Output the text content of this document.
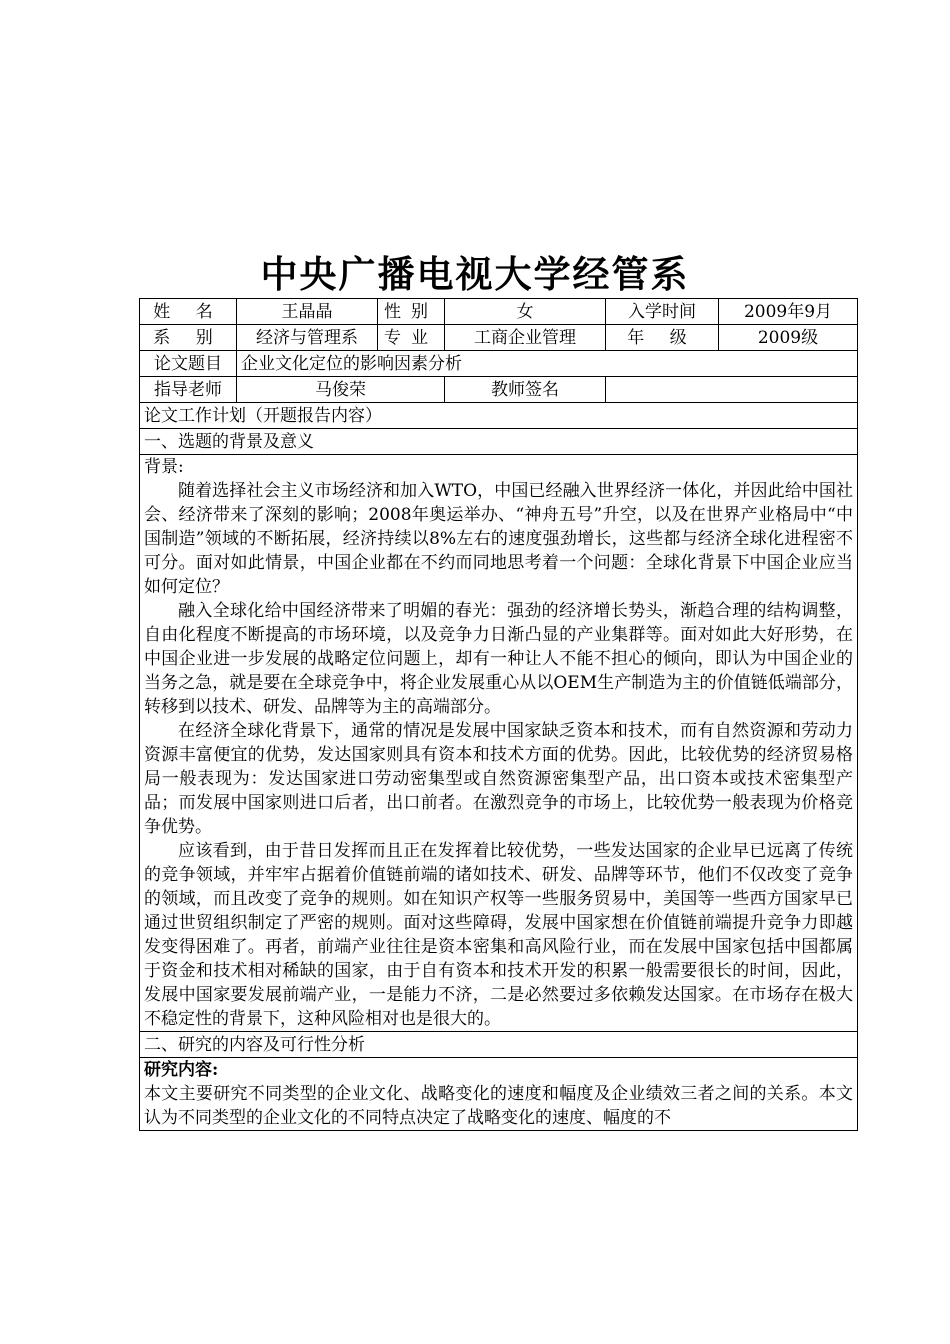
中央广播电视大学经管系
姓 名	王晶晶	性别	女	入学时间	2009年9月
系 别	经济与管理系	专业	工商企业管理	年 级	2009级
论文题目	企业文化定位的影响因素分析				
指导老师	马俊荣		教师签名		
论文工作计划（开题报告内容）					
一、选题的背景及意义					

背景:

随着选择社会主义市场经济和加入WTO，中国已经融入世界经济一体化，并因此给中国社会、经济带来了深刻的影响；2008年奥运举办、“神舟五号”升空，以及在世界产业格局中“中国制造”领域的不断拓展，经济持续以8%左右的速度强劲增长，这些都与经济全球化进程密不可分。面对如此情景，中国企业都在不约而同地思考着一个问题：全球化背景下中国企业应当如何定位？

融入全球化给中国经济带来了明媚的春光：强劲的经济增长势头，渐趋合理的结构调整，自由化程度不断提高的市场环境，以及竞争力日渐凸显的产业集群等。面对如此大好形势，在中国企业进一步发展的战略定位问题上，却有一种让人不能不担心的倾向，即认为中国企业的当务之急，就是要在全球竞争中，将企业发展重心从以OEM生产制造为主的价值链低端部分，转移到以技术、研发、品牌等为主的高端部分。

在经济全球化背景下，通常的情况是发展中国家缺乏资本和技术，而有自然资源和劳动力资源丰富便宜的优势，发达国家则具有资本和技术方面的优势。因此，比较优势的经济贸易格局一般表现为：发达国家进口劳动密集型或自然资源密集型产品，出口资本或技术密集型产品；而发展中国家则进口后者，出口前者。在激烈竞争的市场上，比较优势一般表现为价格竞争优势。

应该看到，由于昔日发挥而且正在发挥着比较优势，一些发达国家的企业早已远离了传统的竞争领域，并牢牢占据着价值链前端的诸如技术、研发、品牌等环节，他们不仅改变了竞争的领域，而且改变了竞争的规则。如在知识产权等一些服务贸易中，美国等一些西方国家早已通过世贸组织制定了严密的规则。面对这些障碍，发展中国家想在价值链前端提升竞争力即越发变得困难了。再者，前端产业往往是资本密集和高风险行业，而在发展中国家包括中国都属于资金和技术相对稀缺的国家，由于自有资本和技术开发的积累一般需要很长的时间，因此，发展中国家要发展前端产业，一是能力不济，二是必然要过多依赖发达国家。在市场存在极大不稳定性的背景下，这种风险相对也是很大的。					

二、研究的内容及可行性分析					

研究内容:

本文主要研究不同类型的企业文化、战略变化的速度和幅度及企业绩效三者之间的关系。本文认为不同类型的企业文化的不同特点决定了战略变化的速度、幅度的不					
